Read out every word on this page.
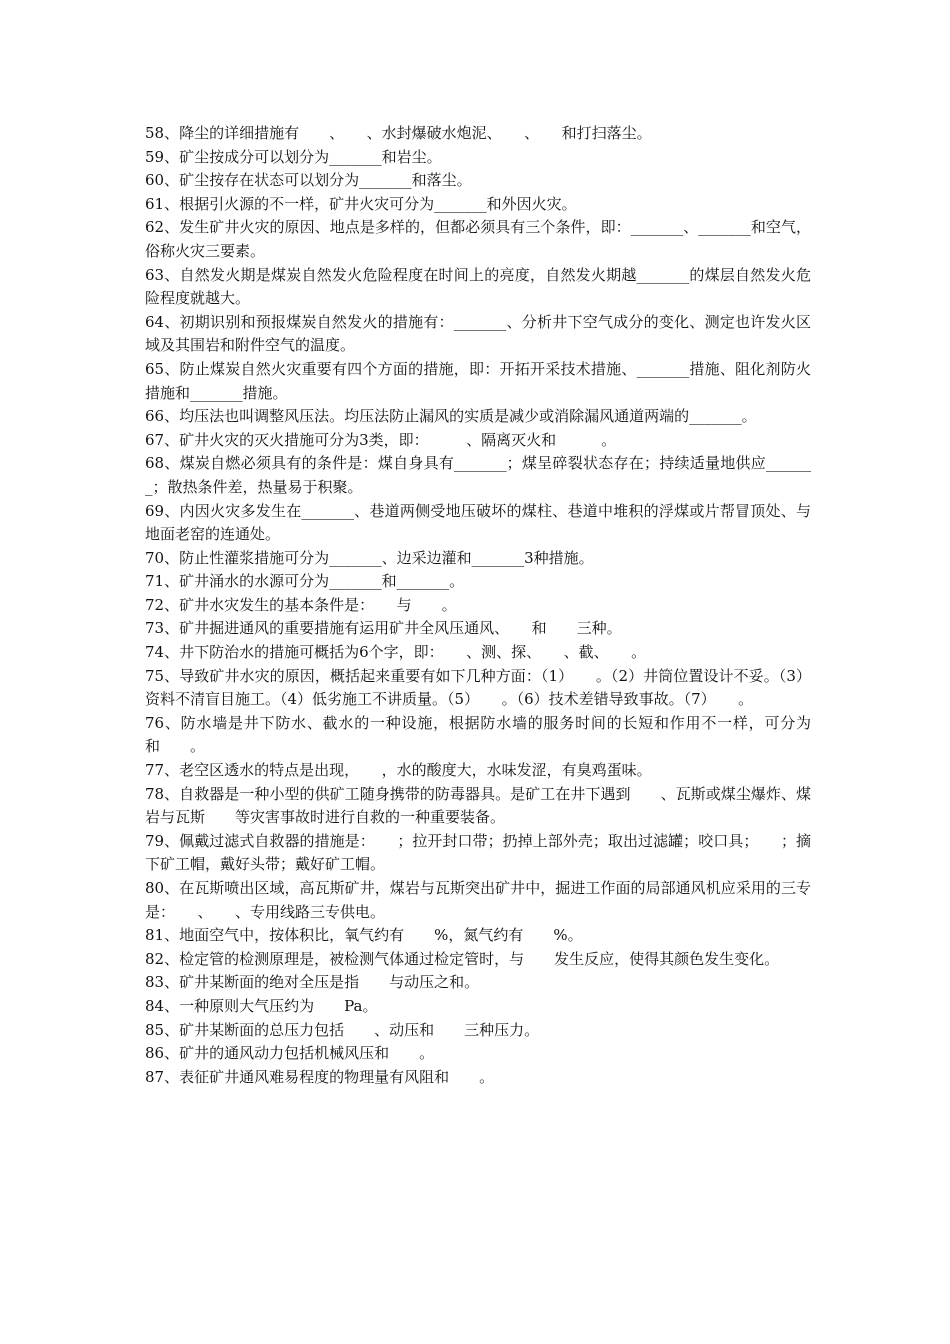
58、降尘的详细措施有　　、　　、水封爆破水炮泥、　　、　　和打扫落尘。

59、矿尘按成分可以划分为_______和岩尘。

60、矿尘按存在状态可以划分为_______和落尘。

61、根据引火源的不一样，矿井火灾可分为_______和外因火灾。

62、发生矿井火灾的原因、地点是多样的，但都必须具有三个条件，即：_______、_______和空气，俗称火灾三要素。

63、自然发火期是煤炭自然发火危险程度在时间上的亮度，自然发火期越_______的煤层自然发火危险程度就越大。

64、初期识别和预报煤炭自然发火的措施有：_______、分析井下空气成分的变化、测定也许发火区域及其围岩和附件空气的温度。

65、防止煤炭自然火灾重要有四个方面的措施，即：开拓开采技术措施、_______措施、阻化剂防火措施和_______措施。

66、均压法也叫调整风压法。均压法防止漏风的实质是减少或消除漏风通道两端的_______。

67、矿井火灾的灭火措施可分为3类，即：　　　、隔离灭火和　　　。

68、煤炭自燃必须具有的条件是：煤自身具有_______；煤呈碎裂状态存在；持续适量地供应_______；散热条件差，热量易于积聚。

69、内因火灾多发生在_______、巷道两侧受地压破坏的煤柱、巷道中堆积的浮煤或片帮冒顶处、与地面老窑的连通处。

70、防止性灌浆措施可分为_______、边采边灌和_______3种措施。

71、矿井涌水的水源可分为_______和_______。

72、矿井水灾发生的基本条件是：　　与　　。

73、矿井掘进通风的重要措施有运用矿井全风压通风、　　和　　三种。

74、井下防治水的措施可概括为6个字，即：　　、测、探、　　、截、　　。

75、导致矿井水灾的原因，概括起来重要有如下几种方面：（1）　　。（2）井筒位置设计不妥。（3）资料不清盲目施工。（4）低劣施工不讲质量。（5）　　。（6）技术差错导致事故。（7）　　。

76、防水墙是井下防水、截水的一种设施，根据防水墙的服务时间的长短和作用不一样，可分为　　和　　。

77、老空区透水的特点是出现，　　，水的酸度大，水味发涩，有臭鸡蛋味。

78、自救器是一种小型的供矿工随身携带的防毒器具。是矿工在井下遇到　　、瓦斯或煤尘爆炸、煤岩与瓦斯　　等灾害事故时进行自救的一种重要装备。

79、佩戴过滤式自救器的措施是：　　；拉开封口带；扔掉上部外壳；取出过滤罐；咬口具；　　；摘下矿工帽，戴好头带；戴好矿工帽。

80、在瓦斯喷出区域，高瓦斯矿井，煤岩与瓦斯突出矿井中，掘进工作面的局部通风机应采用的三专是：　　、　　、专用线路三专供电。

81、地面空气中，按体积比，氧气约有　　%，氮气约有　　%。

82、检定管的检测原理是，被检测气体通过检定管时，与　　发生反应，使得其颜色发生变化。

83、矿井某断面的绝对全压是指　　与动压之和。

84、一种原则大气压约为　　Pa。

85、矿井某断面的总压力包括　　、动压和　　三种压力。

86、矿井的通风动力包括机械风压和　　。

87、表征矿井通风难易程度的物理量有风阻和　　。
